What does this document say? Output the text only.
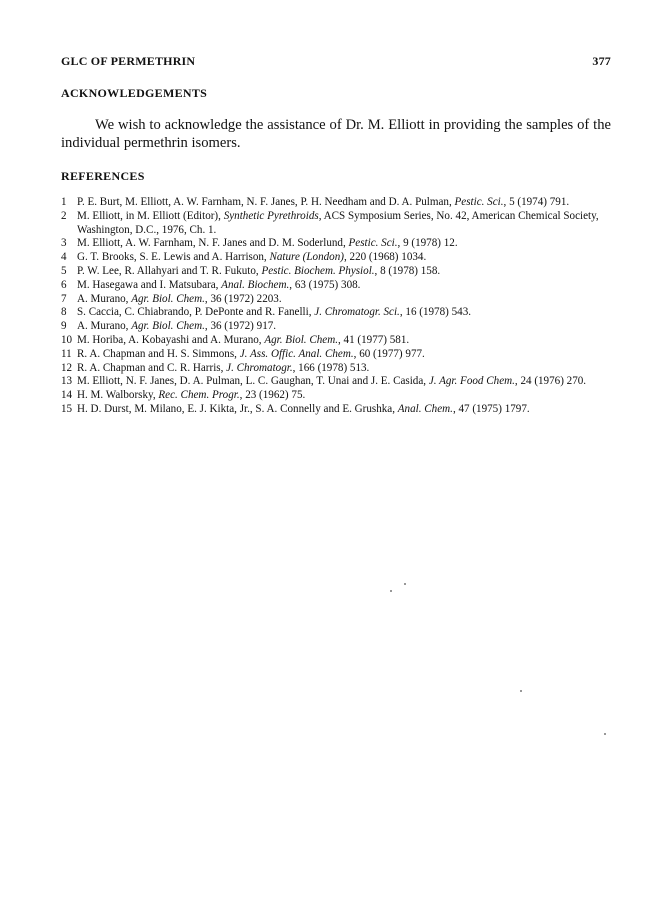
GLC OF PERMETHRIN	377
ACKNOWLEDGEMENTS

We wish to acknowledge the assistance of Dr. M. Elliott in providing the samples of the individual permethrin isomers.

REFERENCES
1 P. E. Burt, M. Elliott, A. W. Farnham, N. F. Janes, P. H. Needham and D. A. Pulman, Pestic. Sci., 5 (1974) 791.
2 M. Elliott, in M. Elliott (Editor), Synthetic Pyrethroids, ACS Symposium Series, No. 42, American Chemical Society, Washington, D.C., 1976, Ch. 1.
3 M. Elliott, A. W. Farnham, N. F. Janes and D. M. Soderlund, Pestic. Sci., 9 (1978) 12.
4 G. T. Brooks, S. E. Lewis and A. Harrison, Nature (London), 220 (1968) 1034.
5 P. W. Lee, R. Allahyari and T. R. Fukuto, Pestic. Biochem. Physiol., 8 (1978) 158.
6 M. Hasegawa and I. Matsubara, Anal. Biochem., 63 (1975) 308.
7 A. Murano, Agr. Biol. Chem., 36 (1972) 2203.
8 S. Caccia, C. Chiabrando, P. DePonte and R. Fanelli, J. Chromatogr. Sci., 16 (1978) 543.
9 A. Murano, Agr. Biol. Chem., 36 (1972) 917.
10 M. Horiba, A. Kobayashi and A. Murano, Agr. Biol. Chem., 41 (1977) 581.
11 R. A. Chapman and H. S. Simmons, J. Ass. Offic. Anal. Chem., 60 (1977) 977.
12 R. A. Chapman and C. R. Harris, J. Chromatogr., 166 (1978) 513.
13 M. Elliott, N. F. Janes, D. A. Pulman, L. C. Gaughan, T. Unai and J. E. Casida, J. Agr. Food Chem., 24 (1976) 270.
14 H. M. Walborsky, Rec. Chem. Progr., 23 (1962) 75.
15 H. D. Durst, M. Milano, E. J. Kikta, Jr., S. A. Connelly and E. Grushka, Anal. Chem., 47 (1975) 1797.
